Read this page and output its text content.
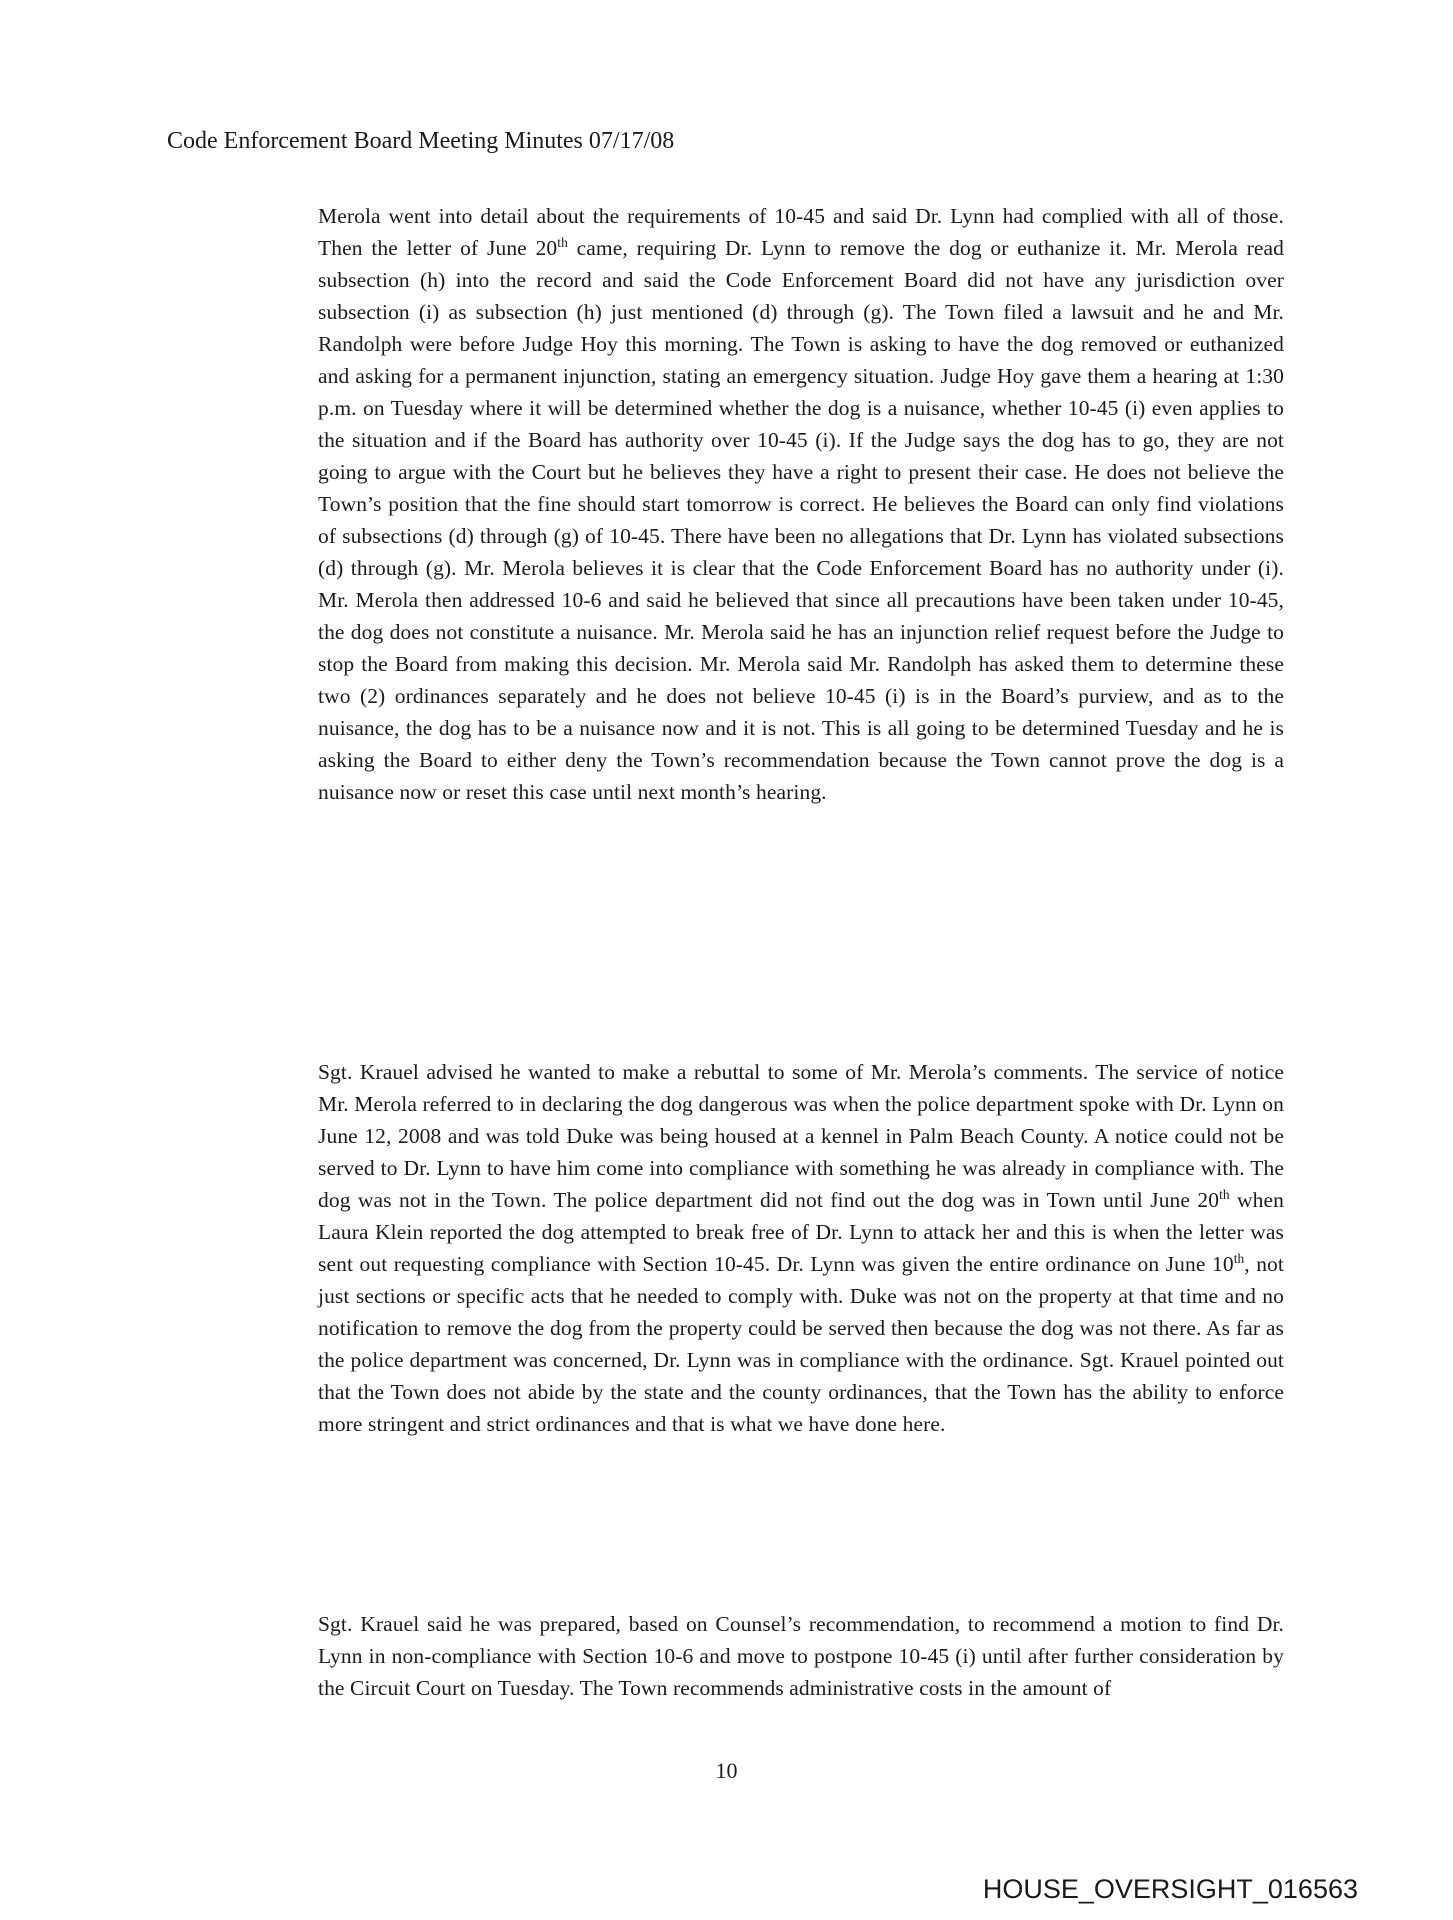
Code Enforcement Board Meeting Minutes 07/17/08
Merola went into detail about the requirements of 10-45 and said Dr. Lynn had complied with all of those. Then the letter of June 20th came, requiring Dr. Lynn to remove the dog or euthanize it. Mr. Merola read subsection (h) into the record and said the Code Enforcement Board did not have any jurisdiction over subsection (i) as subsection (h) just mentioned (d) through (g). The Town filed a lawsuit and he and Mr. Randolph were before Judge Hoy this morning. The Town is asking to have the dog removed or euthanized and asking for a permanent injunction, stating an emergency situation. Judge Hoy gave them a hearing at 1:30 p.m. on Tuesday where it will be determined whether the dog is a nuisance, whether 10-45 (i) even applies to the situation and if the Board has authority over 10-45 (i). If the Judge says the dog has to go, they are not going to argue with the Court but he believes they have a right to present their case. He does not believe the Town’s position that the fine should start tomorrow is correct. He believes the Board can only find violations of subsections (d) through (g) of 10-45. There have been no allegations that Dr. Lynn has violated subsections (d) through (g). Mr. Merola believes it is clear that the Code Enforcement Board has no authority under (i). Mr. Merola then addressed 10-6 and said he believed that since all precautions have been taken under 10-45, the dog does not constitute a nuisance. Mr. Merola said he has an injunction relief request before the Judge to stop the Board from making this decision. Mr. Merola said Mr. Randolph has asked them to determine these two (2) ordinances separately and he does not believe 10-45 (i) is in the Board’s purview, and as to the nuisance, the dog has to be a nuisance now and it is not. This is all going to be determined Tuesday and he is asking the Board to either deny the Town’s recommendation because the Town cannot prove the dog is a nuisance now or reset this case until next month’s hearing.
Sgt. Krauel advised he wanted to make a rebuttal to some of Mr. Merola’s comments. The service of notice Mr. Merola referred to in declaring the dog dangerous was when the police department spoke with Dr. Lynn on June 12, 2008 and was told Duke was being housed at a kennel in Palm Beach County. A notice could not be served to Dr. Lynn to have him come into compliance with something he was already in compliance with. The dog was not in the Town. The police department did not find out the dog was in Town until June 20th when Laura Klein reported the dog attempted to break free of Dr. Lynn to attack her and this is when the letter was sent out requesting compliance with Section 10-45. Dr. Lynn was given the entire ordinance on June 10th, not just sections or specific acts that he needed to comply with. Duke was not on the property at that time and no notification to remove the dog from the property could be served then because the dog was not there. As far as the police department was concerned, Dr. Lynn was in compliance with the ordinance. Sgt. Krauel pointed out that the Town does not abide by the state and the county ordinances, that the Town has the ability to enforce more stringent and strict ordinances and that is what we have done here.
Sgt. Krauel said he was prepared, based on Counsel’s recommendation, to recommend a motion to find Dr. Lynn in non-compliance with Section 10-6 and move to postpone 10-45 (i) until after further consideration by the Circuit Court on Tuesday. The Town recommends administrative costs in the amount of
10
HOUSE_OVERSIGHT_016563
